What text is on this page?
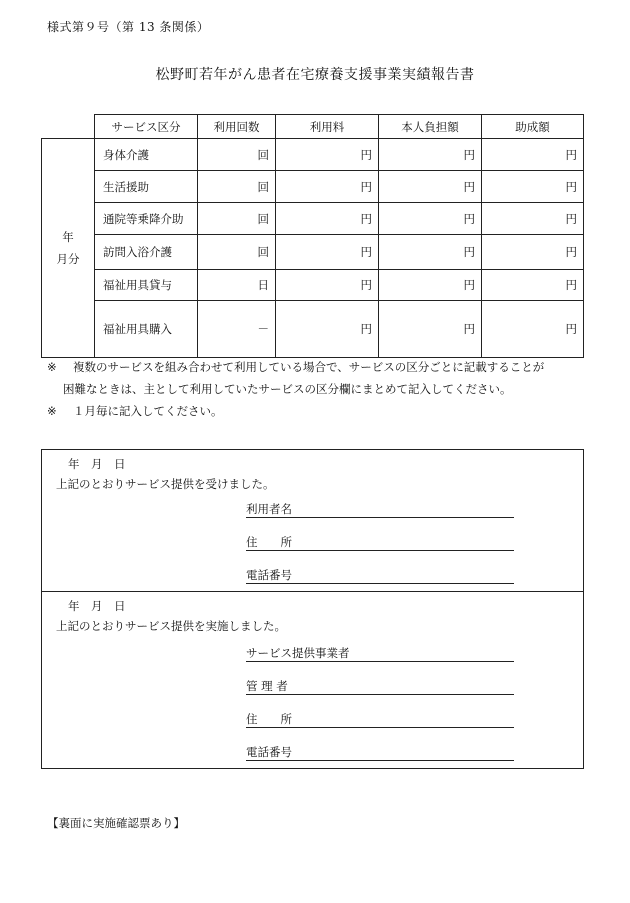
様式第９号（第 13 条関係）
松野町若年がん患者在宅療養支援事業実績報告書
	サービス区分	利用回数	利用料	本人負担額	助成額

年
月分	身体介護	回	円	円	円
	生活援助	回	円	円	円
	通院等乗降介助	回	円	円	円
	訪問入浴介護	回	円	円	円
	福祉用具貸与	日	円	円	円
	福祉用具購入	－	円	円	円
※ 複数のサービスを組み合わせて利用している場合で、サービスの区分ごとに記載することが
困難なときは、主として利用していたサービスの区分欄にまとめて記入してください。
※ １月毎に記入してください。
年　月　日
上記のとおりサービス提供を受けました。
利用者名
住　　所
電話番号
年　月　日
上記のとおりサービス提供を実施しました。
サービス提供事業者
管 理 者
住　　所
電話番号
【裏面に実施確認票あり】
